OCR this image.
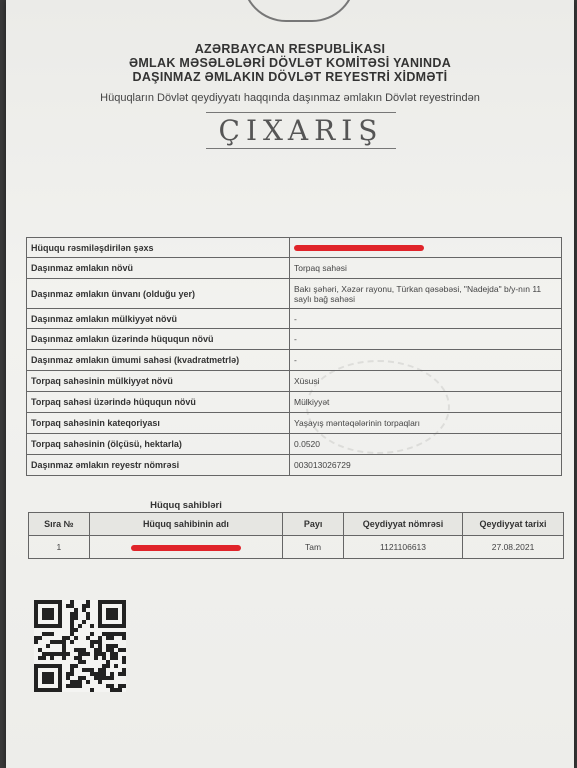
AZƏRBAYCAN RESPUBLİKASI
ƏMLAK MƏSƏLƏLƏRİ DÖVLƏT KOMİTƏSİ YANINDA
DAŞINMAZ ƏMLAKIN DÖVLƏT REYESTRİ XİDMƏTİ
Hüquqların Dövlət qeydiyyatı haqqında daşınmaz əmlakın Dövlət reyestrindən
ÇIXARIŞ
Hüququ rəsmiləşdirilən şəxs	
Daşınmaz əmlakın növü	Torpaq sahəsi
Daşınmaz əmlakın ünvanı (olduğu yer)	Bakı şəhəri, Xəzər rayonu, Türkan qəsəbəsi, "Nadejda" b/y-nın 11 saylı bağ sahəsi
Daşınmaz əmlakın mülkiyyət növü	-
Daşınmaz əmlakın üzərində hüququn növü	-
Daşınmaz əmlakın ümumi sahəsi (kvadratmetrlə)	-
Torpaq sahəsinin mülkiyyət növü	Xüsusi
Torpaq sahəsi üzərində hüququn növü	Mülkiyyət
Torpaq sahəsinin kateqoriyası	Yaşayış məntəqələrinin torpaqları
Torpaq sahəsinin (ölçüsü, hektarla)	0.0520
Daşınmaz əmlakın reyestr nömrəsi	003013026729
Hüquq sahibləri
Sıra №	Hüquq sahibinin adı	Payı	Qeydiyyat nömrəsi	Qeydiyyat tarixi
1		Tam	1121106613	27.08.2021
